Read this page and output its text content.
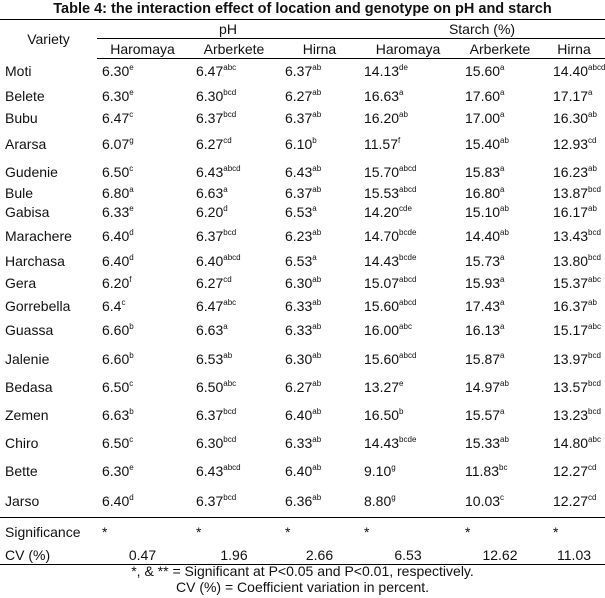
Table 4: the interaction effect of location and genotype on pH and starch
Variety	pH			Starch (%)		
	Haromaya	Arberkete	Hirna	Haromaya	Arberkete	Hirna
Moti	6.30e	6.47$^{abc}$	6.37$^{ab}$	14.13de	15.60$^a$	$14.40^{abcd}$
Belete	6.30e	6.30$^{bcd}$	6.27$^{ab}$	16.63$^a$	17.60$^a$	17.17$^a$
Bubu	6.47$^c$	6.37$^{bcd}$	6.37$^{ab}$	16.20$^{ab}$	17.00$^a$	16.30$^{ab}$
Ararsa	6.07$^g$	6.27$^{cd}$	6.10$^b$	11.57$^f$	15.40$^{ab}$	12.93$^{cd}$
Gudenie	6.50$^c$	$6.43^{abcd}$	6.43$^{ab}$	$15.70^{abcd}$	15.83$^a$	16.23$^{ab}$
Bule	6.80$^a$	6.63$^a$	6.37$^{ab}$	$15.53^{abcd}$	16.80$^a$	13.87$^{bcd}$
Gabisa	6.33e	6.20$^d$	6.53$^a$	14.20$^{cde}$	15.10$^{ab}$	16.17$^{ab}$
Marachere	6.40$^d$	6.37$^{bcd}$	6.23$^{ab}$	$14.70^{bcde}$	14.40$^{ab}$	13.43$^{bcd}$
Harchasa	6.40$^d$	$6.40^{abcd}$	6.53$^a$	$14.43^{bcde}$	15.73$^a$	13.80$^{bcd}$
Gera	6.20$^f$	6.27$^{cd}$	6.30$^{ab}$	$15.07^{abcd}$	15.93$^a$	15.37$^{abc}$
Gorrebella	6.4$^c$	6.47$^{abc}$	6.33$^{ab}$	$15.60^{abcd}$	17.43$^a$	16.37$^{ab}$
Guassa	6.60$^b$	6.63$^a$	6.33$^{ab}$	16.00$^{abc}$	16.13$^a$	15.17$^{abc}$
Jalenie	6.60$^b$	6.53$^{ab}$	6.30$^{ab}$	$15.60^{abcd}$	15.87$^a$	13.97$^{bcd}$
Bedasa	6.50$^c$	6.50$^{abc}$	6.27$^{ab}$	13.27e	14.97$^{ab}$	13.57$^{bcd}$
Zemen	6.63$^b$	6.37$^{bcd}$	6.40$^{ab}$	16.50$^b$	15.57$^a$	13.23$^{bcd}$
Chiro	6.50$^c$	6.30$^{bcd}$	6.33$^{ab}$	$14.43^{bcde}$	15.33$^{ab}$	14.80$^{abc}$
Bette	6.30e	$6.43^{abcd}$	6.40$^{ab}$	9.10$^g$	11.83$^{bc}$	12.27$^{cd}$
Jarso	6.40$^d$	6.37$^{bcd}$	6.36$^{ab}$	8.80$^g$	10.03$^c$	12.27$^{cd}$
Significance	*	*	*	*	*	*
CV (%)	0.47	1.96	2.66	6.53	12.62	11.03
*, & ** = Significant at P<0.05 and P<0.01, respectively.
CV (%) = Coefficient variation in percent.
